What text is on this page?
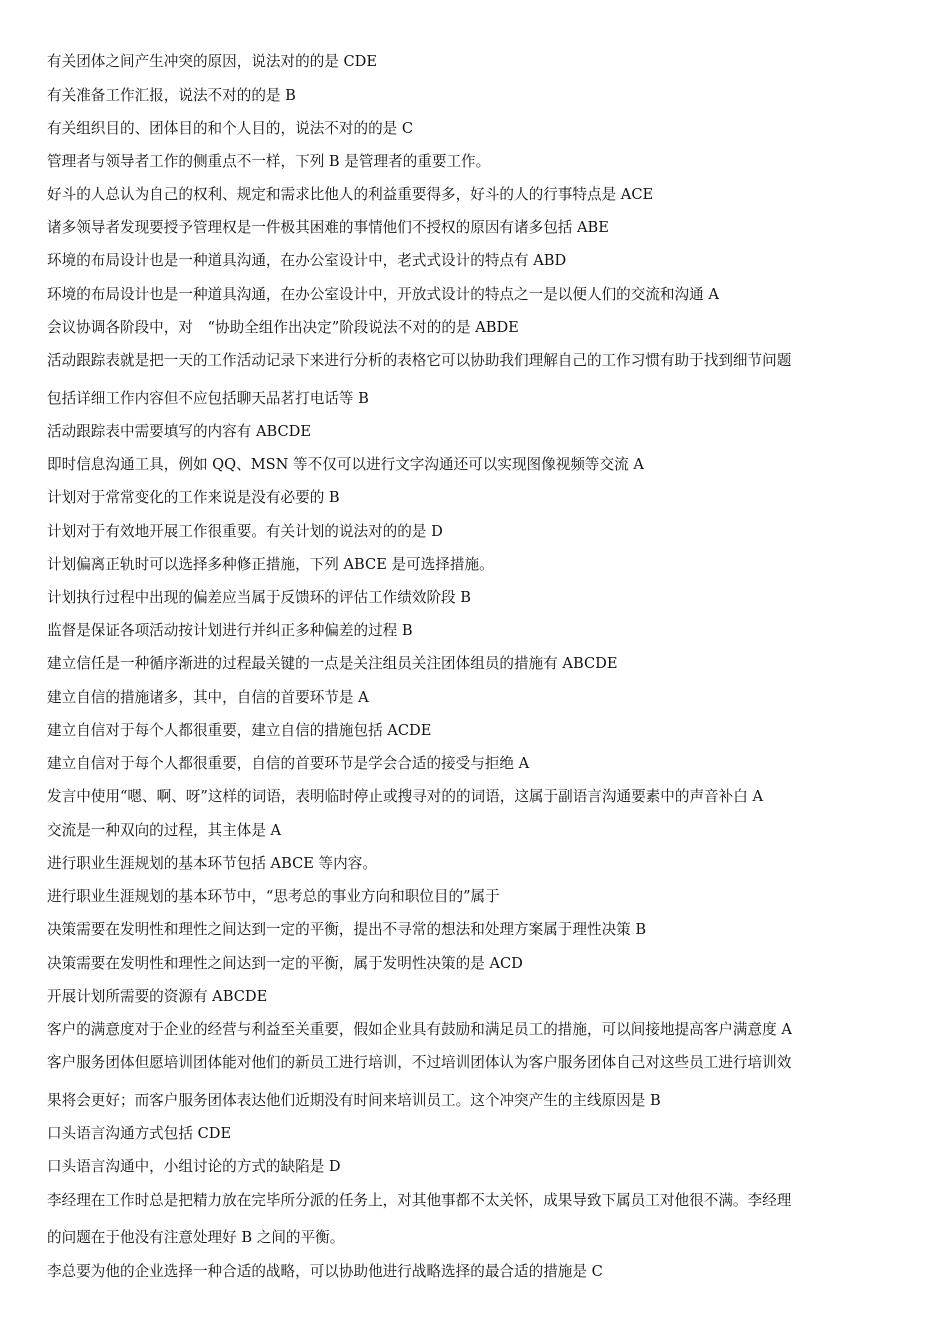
有关团体之间产生冲突的原因，说法对的的是 CDE
有关准备工作汇报，说法不对的的是 B
有关组织目的、团体目的和个人目的，说法不对的的是 C
管理者与领导者工作的侧重点不一样，下列 B 是管理者的重要工作。
好斗的人总认为自己的权利、规定和需求比他人的利益重要得多，好斗的人的行事特点是 ACE
诸多领导者发现要授予管理权是一件极其困难的事情他们不授权的原因有诸多包括 ABE
环境的布局设计也是一种道具沟通，在办公室设计中，老式式设计的特点有 ABD
环境的布局设计也是一种道具沟通，在办公室设计中，开放式设计的特点之一是以便人们的交流和沟通 A
会议协调各阶段中，对　“协助全组作出决定”阶段说法不对的的是 ABDE
活动跟踪表就是把一天的工作活动记录下来进行分析的表格它可以协助我们理解自己的工作习惯有助于找到细节问题
包括详细工作内容但不应包括聊天品茗打电话等 B
活动跟踪表中需要填写的内容有 ABCDE
即时信息沟通工具，例如 QQ、MSN 等不仅可以进行文字沟通还可以实现图像视频等交流 A
计划对于常常变化的工作来说是没有必要的 B
计划对于有效地开展工作很重要。有关计划的说法对的的是 D
计划偏离正轨时可以选择多种修正措施，下列 ABCE 是可选择措施。
计划执行过程中出现的偏差应当属于反馈环的评估工作绩效阶段 B
监督是保证各项活动按计划进行并纠正多种偏差的过程 B
建立信任是一种循序渐进的过程最关键的一点是关注组员关注团体组员的措施有 ABCDE
建立自信的措施诸多，其中，自信的首要环节是 A
建立自信对于每个人都很重要，建立自信的措施包括 ACDE
建立自信对于每个人都很重要，自信的首要环节是学会合适的接受与拒绝 A
发言中使用“嗯、啊、呀”这样的词语，表明临时停止或搜寻对的的词语，这属于副语言沟通要素中的声音补白 A
交流是一种双向的过程，其主体是 A
进行职业生涯规划的基本环节包括 ABCE 等内容。
进行职业生涯规划的基本环节中，“思考总的事业方向和职位目的”属于
决策需要在发明性和理性之间达到一定的平衡，提出不寻常的想法和处理方案属于理性决策 B
决策需要在发明性和理性之间达到一定的平衡，属于发明性决策的是 ACD
开展计划所需要的资源有 ABCDE
客户的满意度对于企业的经营与利益至关重要，假如企业具有鼓励和满足员工的措施，可以间接地提高客户满意度 A
客户服务团体但愿培训团体能对他们的新员工进行培训，不过培训团体认为客户服务团体自己对这些员工进行培训效
果将会更好；而客户服务团体表达他们近期没有时间来培训员工。这个冲突产生的主线原因是 B
口头语言沟通方式包括 CDE
口头语言沟通中，小组讨论的方式的缺陷是 D
李经理在工作时总是把精力放在完毕所分派的任务上，对其他事都不太关怀，成果导致下属员工对他很不满。李经理
的问题在于他没有注意处理好 B 之间的平衡。
李总要为他的企业选择一种合适的战略，可以协助他进行战略选择的最合适的措施是 C
